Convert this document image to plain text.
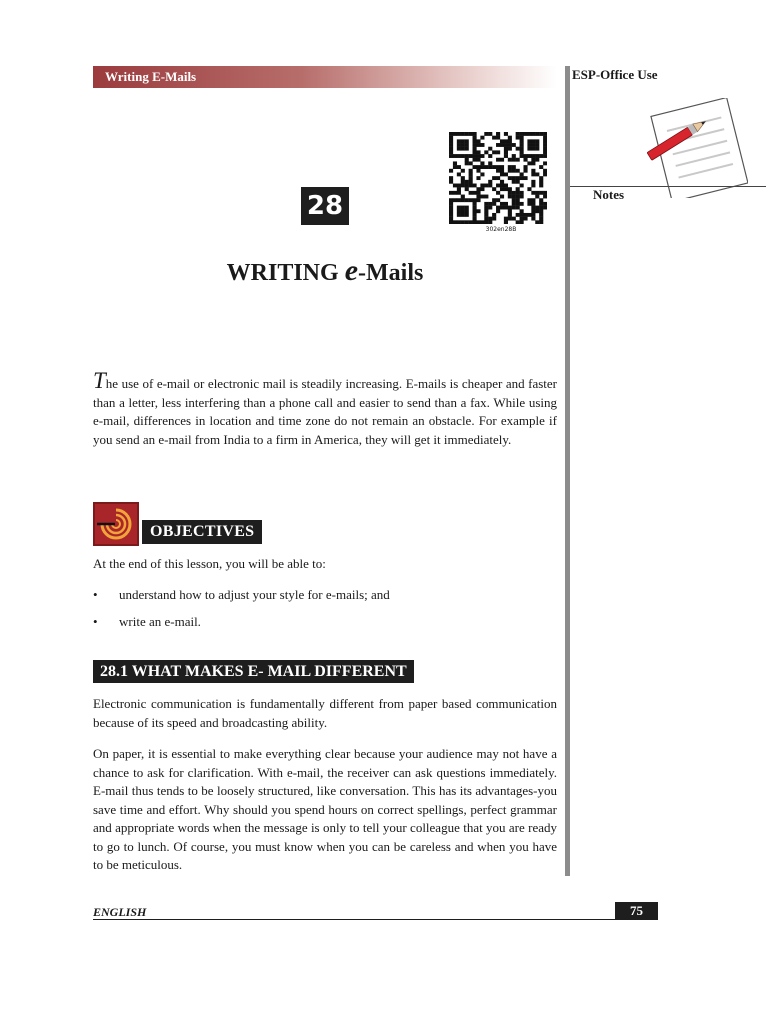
Writing E-Mails	ESP-Office Use
Notes
28
302en28B
WRITING e-Mails
The use of e-mail or electronic mail is steadily increasing. E-mails is cheaper and faster than a letter, less interfering than a phone call and easier to send than a fax. While using e-mail, differences in location and time zone do not remain an obstacle. For example if you send an e-mail from India to a firm in America, they will get it immediately.
OBJECTIVES
At the end of this lesson, you will be able to:
• understand how to adjust your style for e-mails; and
• write an e-mail.
28.1 WHAT MAKES E- MAIL DIFFERENT
Electronic communication is fundamentally different from paper based communication because of its speed and broadcasting ability.
On paper, it is essential to make everything clear because your audience may not have a chance to ask for clarification. With e-mail, the receiver can ask questions immediately. E-mail thus tends to be loosely structured, like conversation. This has its advantages-you save time and effort. Why should you spend hours on correct spellings, perfect grammar and appropriate words when the message is only to tell your colleague that you are ready to go to lunch. Of course, you must know when you can be careless and when you have to be meticulous.
ENGLISH	75
